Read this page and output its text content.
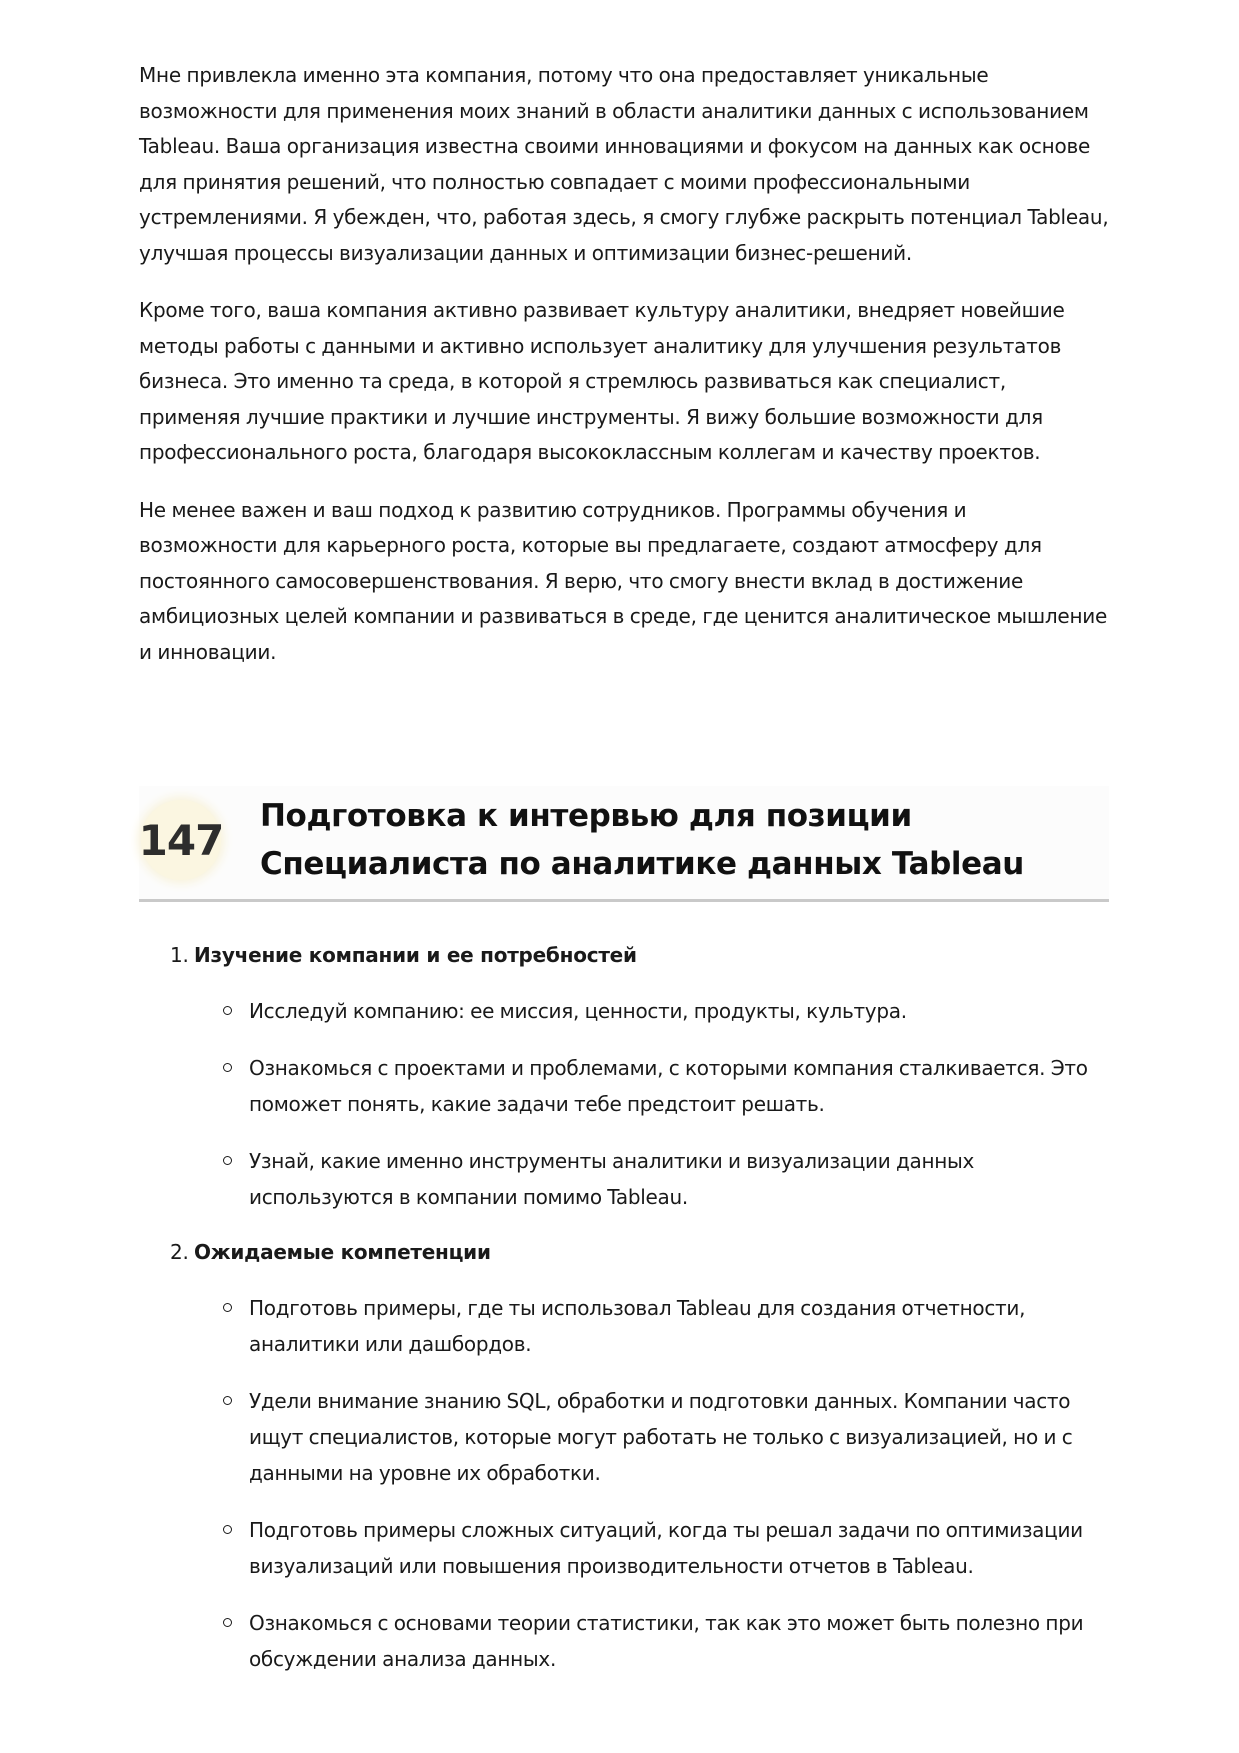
Мне привлекла именно эта компания, потому что она предоставляет уникальные возможности для применения моих знаний в области аналитики данных с использованием Tableau. Ваша организация известна своими инновациями и фокусом на данных как основе для принятия решений, что полностью совпадает с моими профессиональными устремлениями. Я убежден, что, работая здесь, я смогу глубже раскрыть потенциал Tableau, улучшая процессы визуализации данных и оптимизации бизнес-решений.

Кроме того, ваша компания активно развивает культуру аналитики, внедряет новейшие методы работы с данными и активно использует аналитику для улучшения результатов бизнеса. Это именно та среда, в которой я стремлюсь развиваться как специалист, применяя лучшие практики и лучшие инструменты. Я вижу большие возможности для профессионального роста, благодаря высококлассным коллегам и качеству проектов.

Не менее важен и ваш подход к развитию сотрудников. Программы обучения и возможности для карьерного роста, которые вы предлагаете, создают атмосферу для постоянного самосовершенствования. Я верю, что смогу внести вклад в достижение амбициозных целей компании и развиваться в среде, где ценится аналитическое мышление и инновации.

147 Подготовка к интервью для позиции Специалиста по аналитике данных Tableau
1. Изучение компании и ее потребностей
Исследуй компанию: ее миссия, ценности, продукты, культура.
Ознакомься с проектами и проблемами, с которыми компания сталкивается. Это поможет понять, какие задачи тебе предстоит решать.
Узнай, какие именно инструменты аналитики и визуализации данных используются в компании помимо Tableau.
2. Ожидаемые компетенции
Подготовь примеры, где ты использовал Tableau для создания отчетности, аналитики или дашбордов.
Удели внимание знанию SQL, обработки и подготовки данных. Компании часто ищут специалистов, которые могут работать не только с визуализацией, но и с данными на уровне их обработки.
Подготовь примеры сложных ситуаций, когда ты решал задачи по оптимизации визуализаций или повышения производительности отчетов в Tableau.
Ознакомься с основами теории статистики, так как это может быть полезно при обсуждении анализа данных.
